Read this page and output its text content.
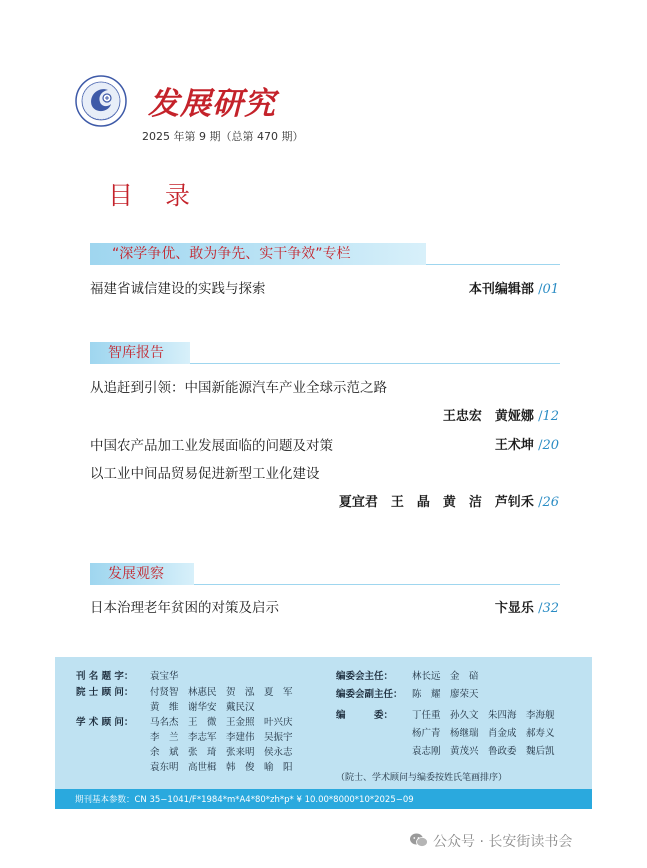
发展研究
2025 年第 9 期（总第 470 期）
目 录
“深学争优、敢为争先、实干争效”专栏
福建省诚信建设的实践与探索	本刊编辑部 /01
智库报告
从追赶到引领：中国新能源汽车产业全球示范之路
王忠宏　黄娅娜 /12
中国农产品加工业发展面临的问题及对策	王术坤 /20
以工业中间品贸易促进新型工业化建设
夏宜君　王　晶　黄　洁　芦钊禾 /26
发展观察
日本治理老年贫困的对策及启示	卞显乐 /32
刊 名 题 字： 袁宝华
院 士 顾 问： 付贤智　林惠民　贺　泓　夏　军
黄　维　谢华安　戴民汉
学 术 顾 问： 马名杰　王　微　王金照　叶兴庆
李　兰　李志军　李建伟　吴振宇
余　斌　张　琦　张来明　侯永志
袁东明　高世楫　韩　俊　喻　阳
编委会主任： 林长远　金　碚
编委会副主任： 陈　耀　廖荣天
编　　　委： 丁任重　孙久文　朱四海　李海舰
杨广青　杨继瑞　肖金成　郝寿义
袁志刚　黄茂兴　鲁政委　魏后凯
（院士、学术顾问与编委按姓氏笔画排序）
期刊基本参数：CN 35−1041/F*1984*m*A4*80*zh*p* ¥ 10.00*8000*10*2025−09
公众号 · 长安街读书会
